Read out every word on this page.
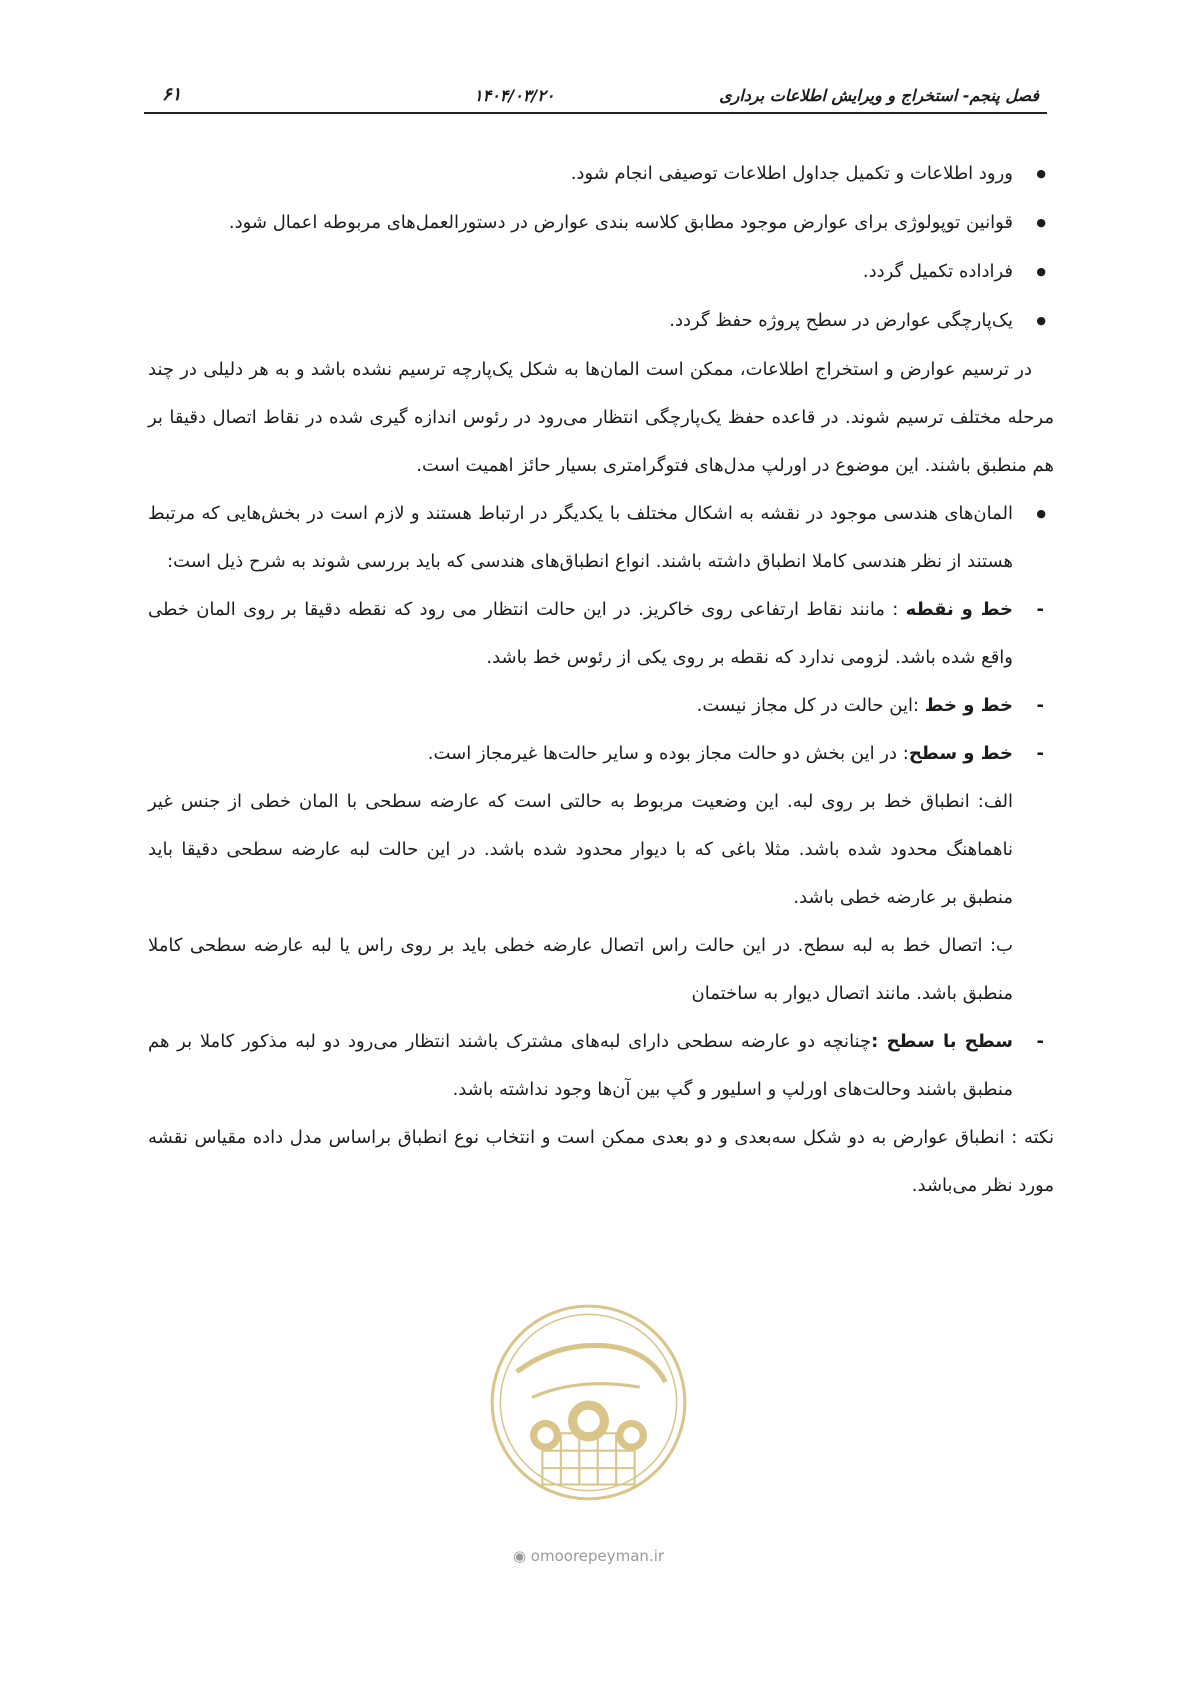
فصل پنجم- استخراج و ویرایش اطلاعات برداری
۱۴۰۴/۰۳/۲۰
۶۱
● ورود اطلاعات و تکمیل جداول اطلاعات توصیفی انجام شود.
● قوانین توپولوژی برای عوارض موجود مطابق کلاسه بندی عوارض در دستورالعمل‌های مربوطه اعمال شود.
● فراداده تکمیل گردد.
● یک‌پارچگی عوارض در سطح پروژه حفظ گردد.

در ترسیم عوارض و استخراج اطلاعات، ممکن است المان‌ها به شکل یک‌پارچه ترسیم نشده باشد و به هر دلیلی در چند مرحله مختلف ترسیم شوند. در قاعده حفظ یک‌پارچگی انتظار می‌رود در رئوس اندازه گیری شده در نقاط اتصال دقیقا بر هم منطبق باشند. این موضوع در اورلپ مدل‌های فتوگرامتری بسیار حائز اهمیت است.

● المان‌های هندسی موجود در نقشه به اشکال مختلف با یکدیگر در ارتباط هستند و لازم است در بخش‌هایی که مرتبط هستند از نظر هندسی کاملا انطباق داشته باشند. انواع انطباق‌های هندسی که باید بررسی شوند به شرح ذیل است:
-
خط و نقطه : مانند نقاط ارتفاعی روی خاکریز. در این حالت انتظار می رود که نقطه دقیقا بر روی المان خطی واقع شده باشد. لزومی ندارد که نقطه بر روی یکی از رئوس خط باشد.
-
خط و خط :این حالت در کل مجاز نیست.
-
خط و سطح: در این بخش دو حالت مجاز بوده و سایر حالت‌ها غیرمجاز است.
الف: انطباق خط بر روی لبه. این وضعیت مربوط به حالتی است که عارضه سطحی با المان خطی از جنس غیر ناهماهنگ محدود شده باشد. مثلا باغی که با دیوار محدود شده باشد. در این حالت لبه عارضه سطحی دقیقا باید منطبق بر عارضه خطی باشد.
ب: اتصال خط به لبه سطح. در این حالت راس اتصال عارضه خطی باید بر روی راس یا لبه عارضه سطحی کاملا منطبق باشد. مانند اتصال دیوار به ساختمان
-
سطح با سطح :چنانچه دو عارضه سطحی دارای لبه‌های مشترک باشند انتظار می‌رود دو لبه مذکور کاملا بر هم منطبق باشند وحالت‌های اورلپ و اسلیور و گپ بین آن‌ها وجود نداشته باشد.

نکته : انطباق عوارض به دو شکل سه‌بعدی و دو بعدی ممکن است و انتخاب نوع انطباق براساس مدل داده مقیاس نقشه مورد نظر می‌باشد.

◉ omoorepeyman.ir
